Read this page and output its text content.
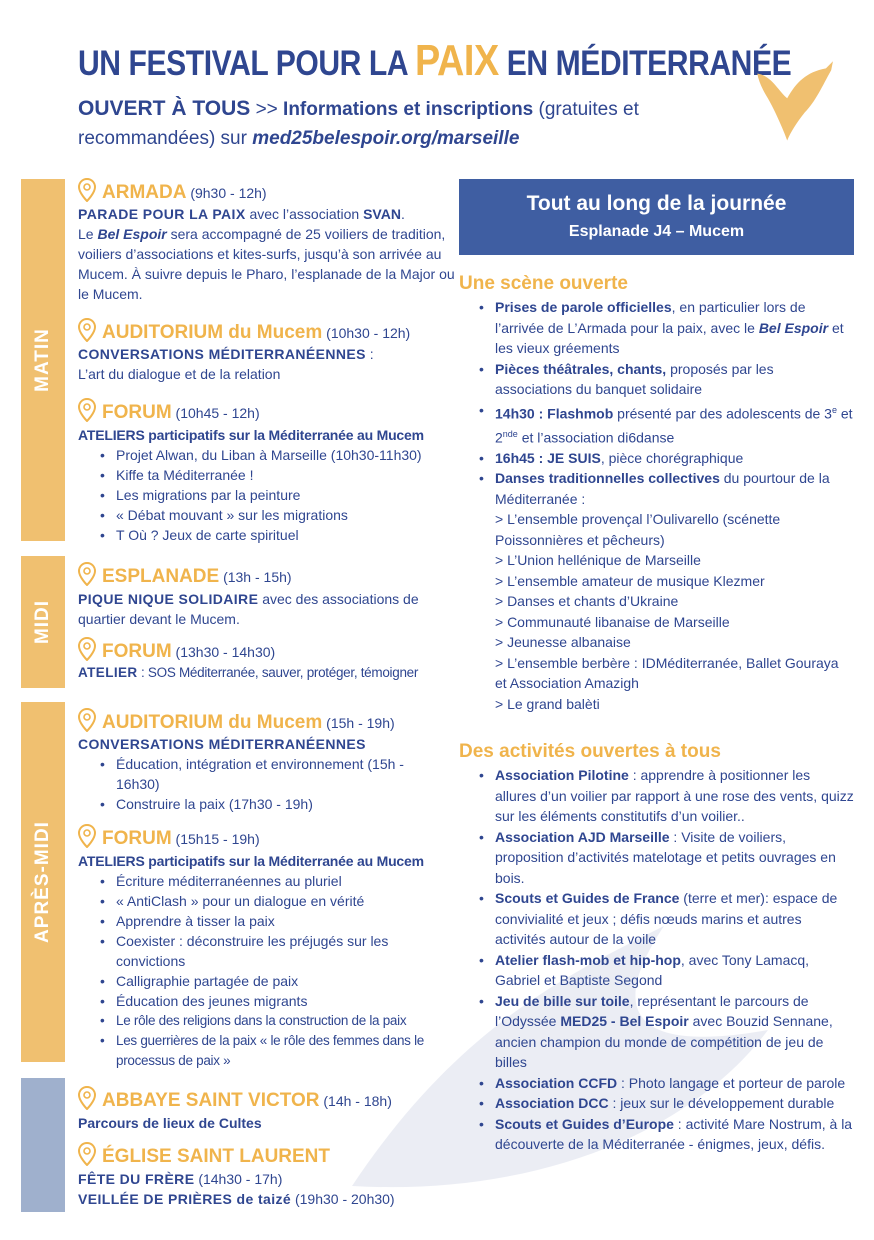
UN FESTIVAL POUR LA PAIX EN MÉDITERRANÉE
OUVERT À TOUS >> Informations et inscriptions (gratuites et recommandées) sur med25belespoir.org/marseille
MATIN
MIDI
APRÈS-MIDI
ARMADA (9h30 - 12h)
PARADE POUR LA PAIX avec l’association SVAN.
Le Bel Espoir sera accompagné de 25 voiliers de tradition, voiliers d’associations et kites-surfs, jusqu’à son arrivée au Mucem. À suivre depuis le Pharo, l’esplanade de la Major ou le Mucem.
AUDITORIUM du Mucem (10h30 - 12h)
CONVERSATIONS MÉDITERRANÉENNES :
L’art du dialogue et de la relation
FORUM (10h45 - 12h)
ATELIERS participatifs sur la Méditerranée au Mucem
• Projet Alwan, du Liban à Marseille (10h30-11h30)
• Kiffe ta Méditerranée !
• Les migrations par la peinture
• « Débat mouvant » sur les migrations
• T Où ? Jeux de carte spirituel
ESPLANADE (13h - 15h)
PIQUE NIQUE SOLIDAIRE avec des associations de quartier devant le Mucem.
FORUM (13h30 - 14h30)
ATELIER : SOS Méditerranée, sauver, protéger, témoigner
AUDITORIUM du Mucem (15h - 19h)
CONVERSATIONS MÉDITERRANÉENNES
• Éducation, intégration et environnement (15h - 16h30)
• Construire la paix (17h30 - 19h)
FORUM (15h15 - 19h)
ATELIERS participatifs sur la Méditerranée au Mucem
• Écriture méditerranéennes au pluriel
• « AntiClash » pour un dialogue en vérité
• Apprendre à tisser la paix
• Coexister : déconstruire les préjugés sur les convictions
• Calligraphie partagée de paix
• Éducation des jeunes migrants
• Le rôle des religions dans la construction de la paix
• Les guerrières de la paix « le rôle des femmes dans le processus de paix »
ABBAYE SAINT VICTOR (14h - 18h)
Parcours de lieux de Cultes
ÉGLISE SAINT LAURENT
FÊTE DU FRÈRE (14h30 - 17h)
VEILLÉE DE PRIÈRES de taizé (19h30 - 20h30)
Tout au long de la journée
Esplanade J4 – Mucem
Une scène ouverte
• Prises de parole officielles, en particulier lors de l’arrivée de L’Armada pour la paix, avec le Bel Espoir et les vieux gréements
• Pièces théâtrales, chants, proposés par les associations du banquet solidaire
• 14h30 : Flashmob présenté par des adolescents de 3e et 2nde et l’association di6danse
• 16h45 : JE SUIS, pièce chorégraphique
• Danses traditionnelles collectives du pourtour de la Méditerranée :
> L’ensemble provençal l’Oulivarello (scénette Poissonnières et pêcheurs)
> L’Union hellénique de Marseille
> L’ensemble amateur de musique Klezmer
> Danses et chants d’Ukraine
> Communauté libanaise de Marseille
> Jeunesse albanaise
> L’ensemble berbère : IDMéditerranée, Ballet Gouraya et Association Amazigh
> Le grand balèti
Des activités ouvertes à tous
• Association Pilotine : apprendre à positionner les allures d’un voilier par rapport à une rose des vents, quizz sur les éléments constitutifs d’un voilier..
• Association AJD Marseille : Visite de voiliers, proposition d’activités matelotage et petits ouvrages en bois.
• Scouts et Guides de France (terre et mer): espace de convivialité et jeux ; défis nœuds marins et autres activités autour de la voile
• Atelier flash-mob et hip-hop, avec Tony Lamacq, Gabriel et Baptiste Segond
• Jeu de bille sur toile, représentant le parcours de l’Odyssée MED25 - Bel Espoir avec Bouzid Sennane, ancien champion du monde de compétition de jeu de billes
• Association CCFD : Photo langage et porteur de parole
• Association DCC : jeux sur le développement durable
• Scouts et Guides d’Europe : activité Mare Nostrum, à la découverte de la Méditerranée - énigmes, jeux, défis.
